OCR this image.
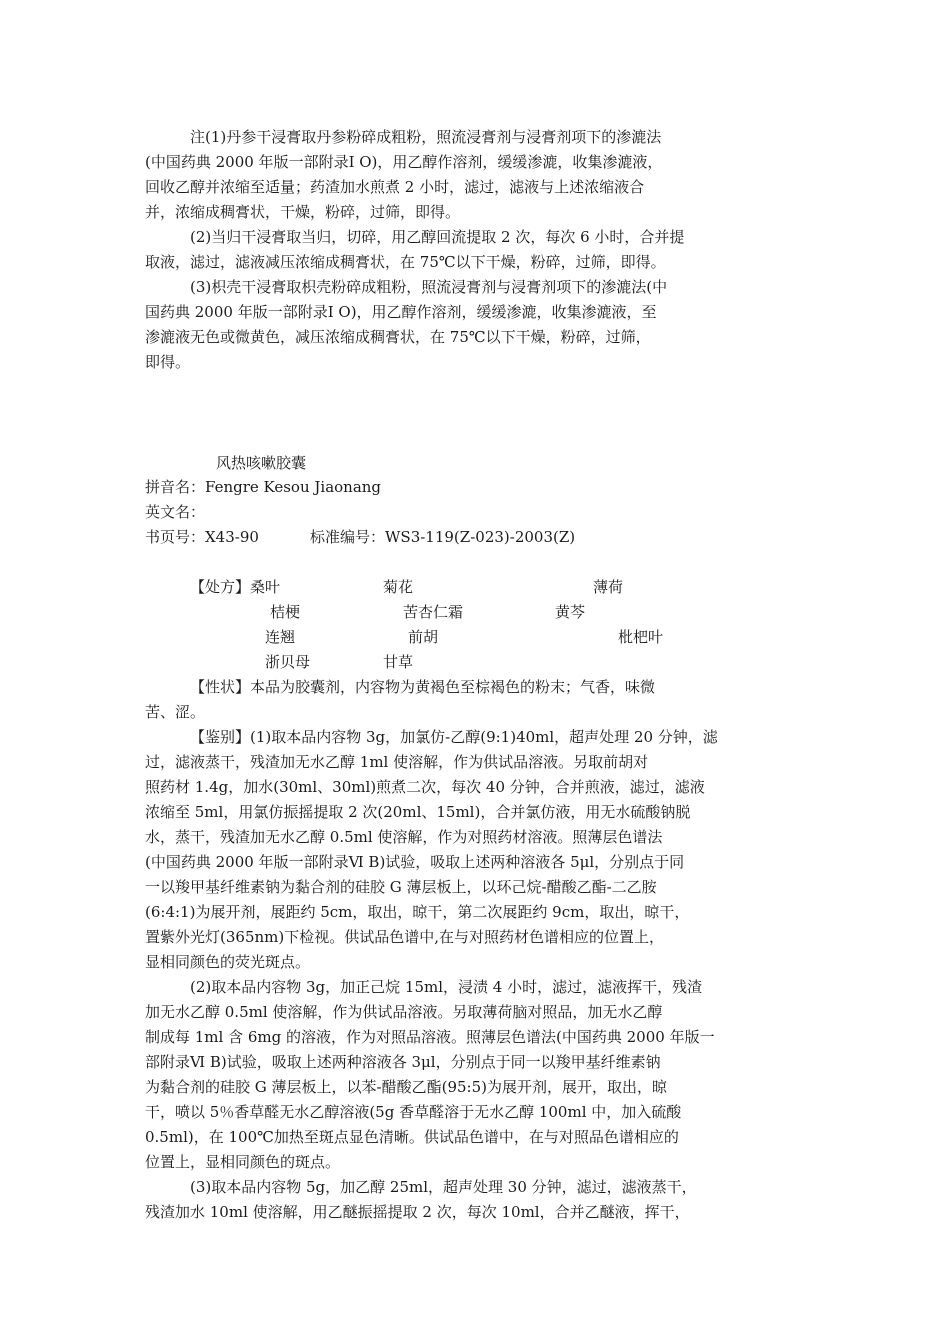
注(1)丹参干浸膏取丹参粉碎成粗粉，照流浸膏剂与浸膏剂项下的渗漉法
(中国药典 2000 年版一部附录Ⅰ O)，用乙醇作溶剂，缓缓渗漉，收集渗漉液，
回收乙醇并浓缩至适量；药渣加水煎煮 2 小时，滤过，滤液与上述浓缩液合
并，浓缩成稠膏状，干燥，粉碎，过筛，即得。
(2)当归干浸膏取当归，切碎，用乙醇回流提取 2 次，每次 6 小时，合并提
取液，滤过，滤液减压浓缩成稠膏状，在 75℃以下干燥，粉碎，过筛，即得。
(3)枳壳干浸膏取枳壳粉碎成粗粉，照流浸膏剂与浸膏剂项下的渗漉法(中
国药典 2000 年版一部附录Ⅰ O)，用乙醇作溶剂，缓缓渗漉，收集渗漉液，至
渗漉液无色或微黄色，减压浓缩成稠膏状，在 75℃以下干燥，粉碎，过筛，
即得。
风热咳嗽胶囊
拼音名：Fengre Kesou Jiaonang
英文名：
书页号：X43-90	标准编号：WS3-119(Z-023)-2003(Z)
【处方】 桑叶	菊花	薄荷
桔梗	苦杏仁霜	黄芩
连翘	前胡	枇杷叶
浙贝母	甘草
【性状】本品为胶囊剂，内容物为黄褐色至棕褐色的粉末；气香，味微
苦、涩。
【鉴别】(1)取本品内容物 3g，加氯仿-乙醇(9:1)40ml，超声处理 20 分钟，滤
过，滤液蒸干，残渣加无水乙醇 1ml 使溶解，作为供试品溶液。另取前胡对
照药材 1.4g，加水(30ml、30ml)煎煮二次，每次 40 分钟，合并煎液，滤过，滤液
浓缩至 5ml，用氯仿振摇提取 2 次(20ml、15ml)，合并氯仿液，用无水硫酸钠脱
水，蒸干，残渣加无水乙醇 0.5ml 使溶解，作为对照药材溶液。照薄层色谱法
(中国药典 2000 年版一部附录Ⅵ B)试验，吸取上述两种溶液各 5μl，分别点于同
一以羧甲基纤维素钠为黏合剂的硅胶 G 薄层板上，以环己烷-醋酸乙酯-二乙胺
(6:4:1)为展开剂，展距约 5cm，取出，晾干，第二次展距约 9cm，取出，晾干，
置紫外光灯(365nm)下检视。供试品色谱中,在与对照药材色谱相应的位置上，
显相同颜色的荧光斑点。
(2)取本品内容物 3g，加正己烷 15ml，浸渍 4 小时，滤过，滤液挥干，残渣
加无水乙醇 0.5ml 使溶解，作为供试品溶液。另取薄荷脑对照品，加无水乙醇
制成每 1ml 含 6mg 的溶液，作为对照品溶液。照薄层色谱法(中国药典 2000 年版一
部附录Ⅵ B)试验，吸取上述两种溶液各 3μl，分别点于同一以羧甲基纤维素钠
为黏合剂的硅胶 G 薄层板上，以苯-醋酸乙酯(95:5)为展开剂，展开，取出，晾
干，喷以 5％香草醛无水乙醇溶液(5g 香草醛溶于无水乙醇 100ml 中，加入硫酸
0.5ml)，在 100℃加热至斑点显色清晰。供试品色谱中，在与对照品色谱相应的
位置上，显相同颜色的斑点。
(3)取本品内容物 5g，加乙醇 25ml，超声处理 30 分钟，滤过，滤液蒸干，
残渣加水 10ml 使溶解，用乙醚振摇提取 2 次，每次 10ml，合并乙醚液，挥干，
